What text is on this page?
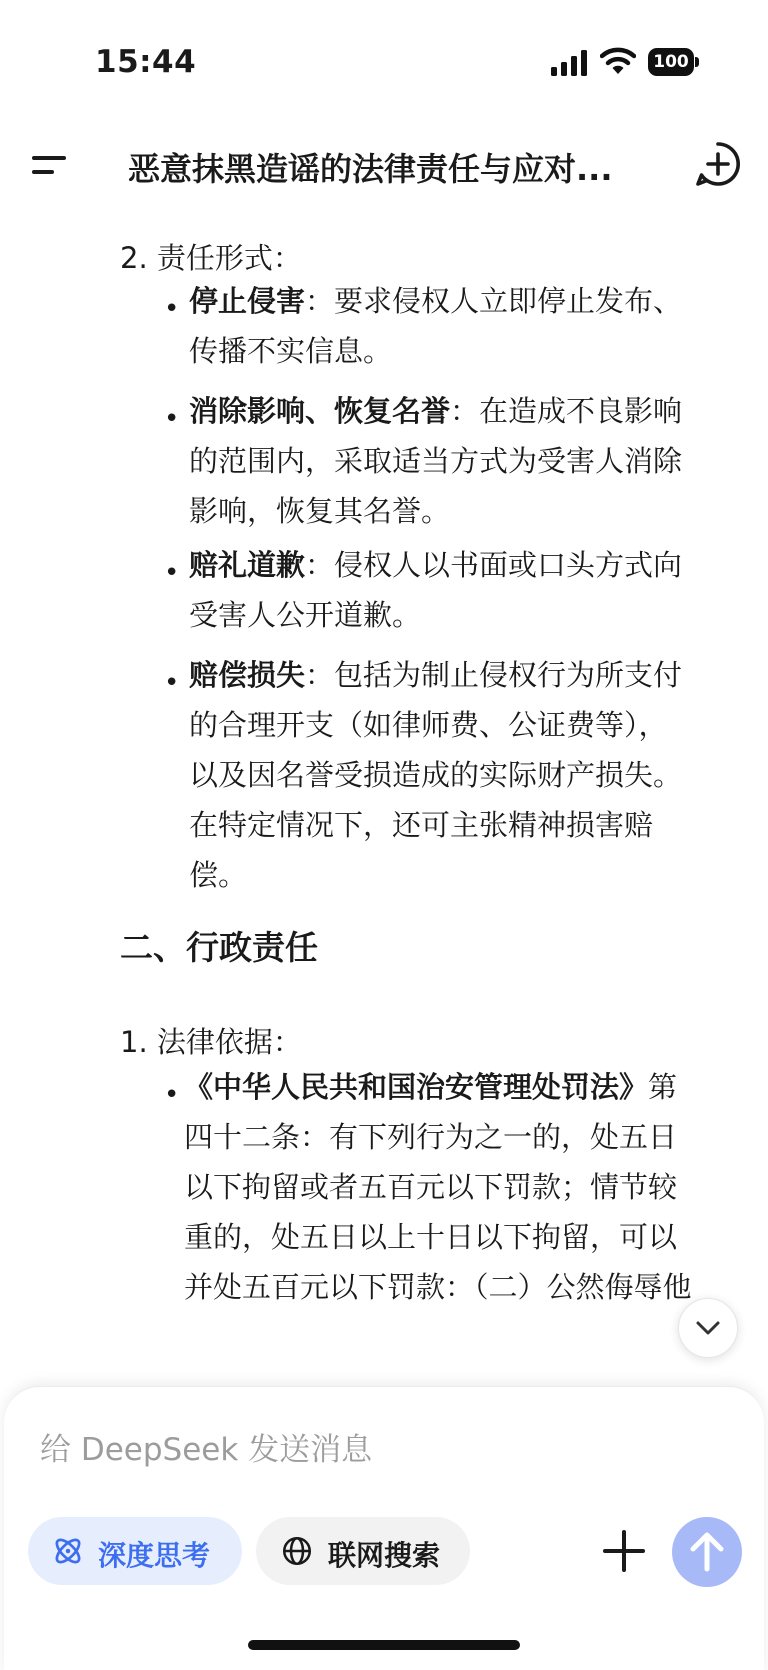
15:44	100
恶意抹黑造谣的法律责任与应对...
2. 责任形式：
• 停止侵害：要求侵权人立即停止发布、
传播不实信息。
• 消除影响、恢复名誉：在造成不良影响
的范围内，采取适当方式为受害人消除
影响，恢复其名誉。
• 赔礼道歉：侵权人以书面或口头方式向
受害人公开道歉。
• 赔偿损失：包括为制止侵权行为所支付
的合理开支（如律师费、公证费等），
以及因名誉受损造成的实际财产损失。
在特定情况下，还可主张精神损害赔
偿。
二、行政责任
1. 法律依据：
• 《中华人民共和国治安管理处罚法》第
四十二条：有下列行为之一的，处五日
以下拘留或者五百元以下罚款；情节较
重的，处五日以上十日以下拘留，可以
并处五百元以下罚款：（二）公然侮辱他
给 DeepSeek 发送消息
深度思考	联网搜索
